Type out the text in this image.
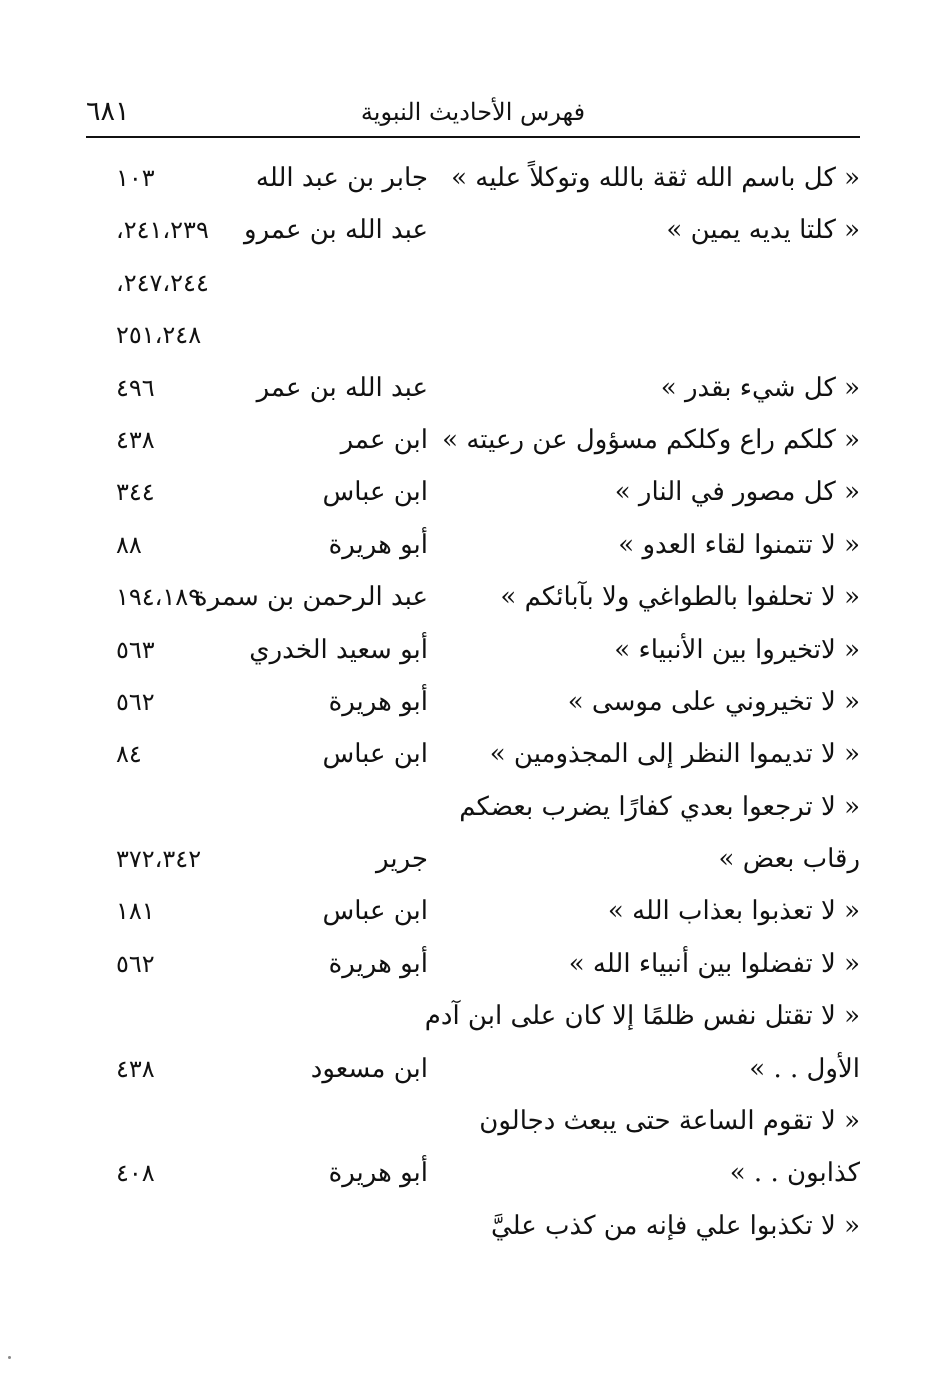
٦٨١	فهرس الأحاديث النبوية
« كل باسم الله ثقة بالله وتوكلاً عليه »
جابر بن عبد الله
١٠٣
« كلتا يديه يمين »
عبد الله بن عمرو
٢٤١،٢٣٩،
٢٤٧،٢٤٤،
٢٥١،٢٤٨
« كل شيء بقدر »
عبد الله بن عمر
٤٩٦
« كلكم راع وكلكم مسؤول عن رعيته »
ابن عمر
٤٣٨
« كل مصور في النار »
ابن عباس
٣٤٤
« لا تتمنوا لقاء العدو »
أبو هريرة
٨٨
« لا تحلفوا بالطواغي ولا بآبائكم »
عبد الرحمن بن سمرة
١٩٤،١٨٩
« لاتخيروا بين الأنبياء »
أبو سعيد الخدري
٥٦٣
« لا تخيروني على موسى »
أبو هريرة
٥٦٢
« لا تديموا النظر إلى المجذومين »
ابن عباس
٨٤
« لا ترجعوا بعدي كفارًا يضرب بعضكم
رقاب بعض »
جرير
٣٧٢،٣٤٢
« لا تعذبوا بعذاب الله »
ابن عباس
١٨١
« لا تفضلوا بين أنبياء الله »
أبو هريرة
٥٦٢
« لا تقتل نفس ظلمًا إلا كان على ابن آدم
الأول . . »
ابن مسعود
٤٣٨
« لا تقوم الساعة حتى يبعث دجالون
كذابون . . »
أبو هريرة
٤٠٨
« لا تكذبوا علي فإنه من كذب عليَّ
